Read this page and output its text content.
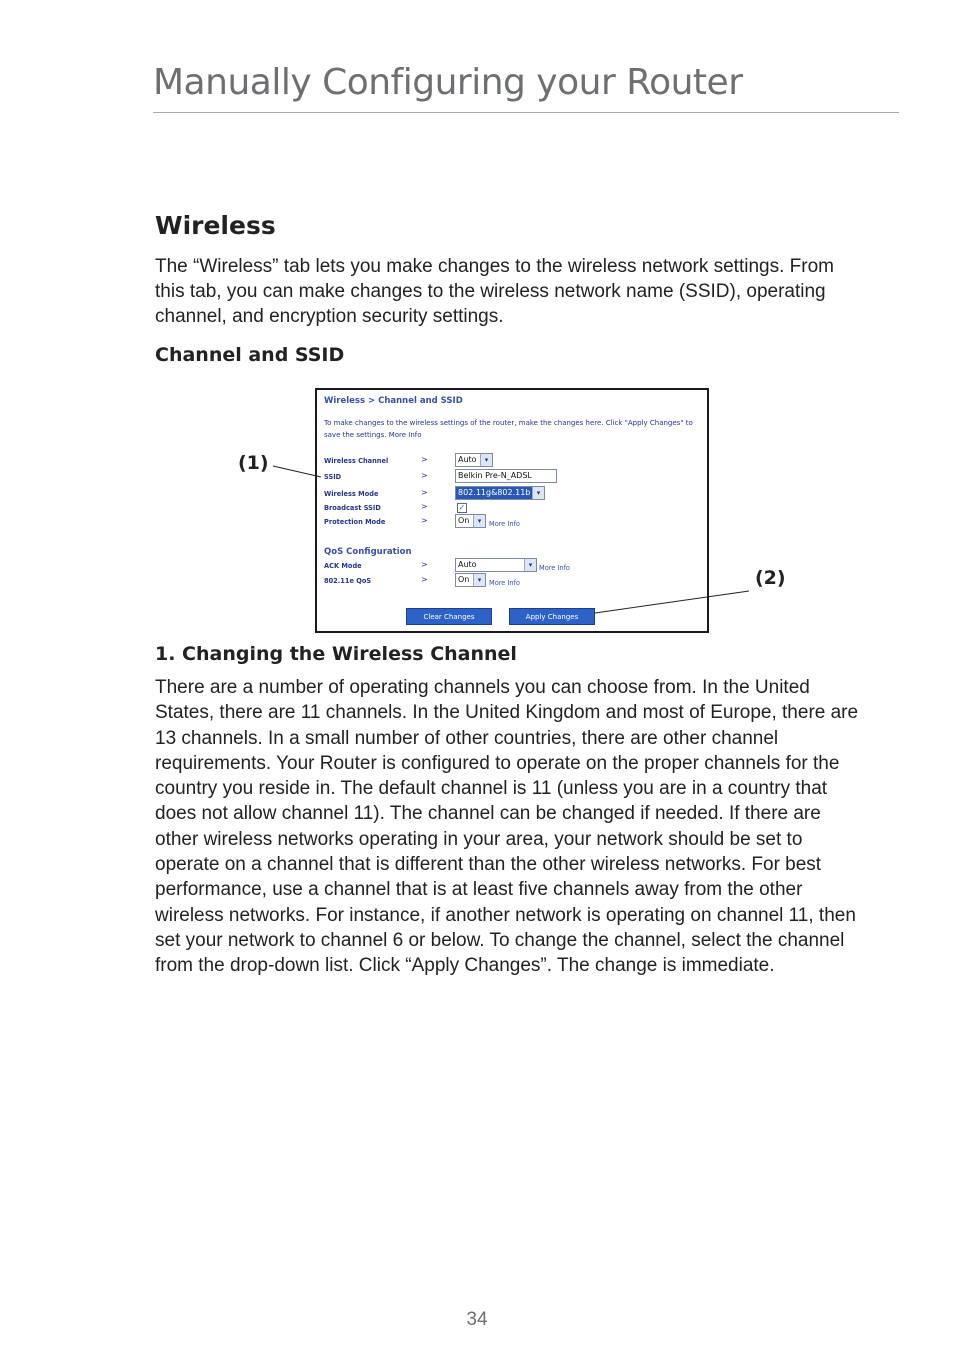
Manually Configuring your Router
Wireless

The “Wireless” tab lets you make changes to the wireless network settings. From this tab, you can make changes to the wireless network name (SSID), operating channel, and encryption security settings.

Channel and SSID
Wireless > Channel and SSID
To make changes to the wireless settings of the router, make the changes here. Click "Apply Changes" to save the settings. More Info
Wireless Channel	>	Auto	▾
SSID	>	Belkin Pre-N_ADSL
Wireless Mode	>	802.11g&802.11b ▾
Broadcast SSID	>	✓
Protection Mode	>	On	▾	More Info
QoS Configuration
ACK Mode	>	Auto	▾	More Info
802.11e QoS	>	On	▾	More Info
Clear Changes	Apply Changes
(1)
(2)
1. Changing the Wireless Channel

There are a number of operating channels you can choose from. In the United States, there are 11 channels. In the United Kingdom and most of Europe, there are 13 channels. In a small number of other countries, there are other channel requirements. Your Router is configured to operate on the proper channels for the country you reside in. The default channel is 11 (unless you are in a country that does not allow channel 11). The channel can be changed if needed. If there are other wireless networks operating in your area, your network should be set to operate on a channel that is different than the other wireless networks. For best performance, use a channel that is at least five channels away from the other wireless networks. For instance, if another network is operating on channel 11, then set your network to channel 6 or below. To change the channel, select the channel from the drop-down list. Click “Apply Changes”. The change is immediate.

34
